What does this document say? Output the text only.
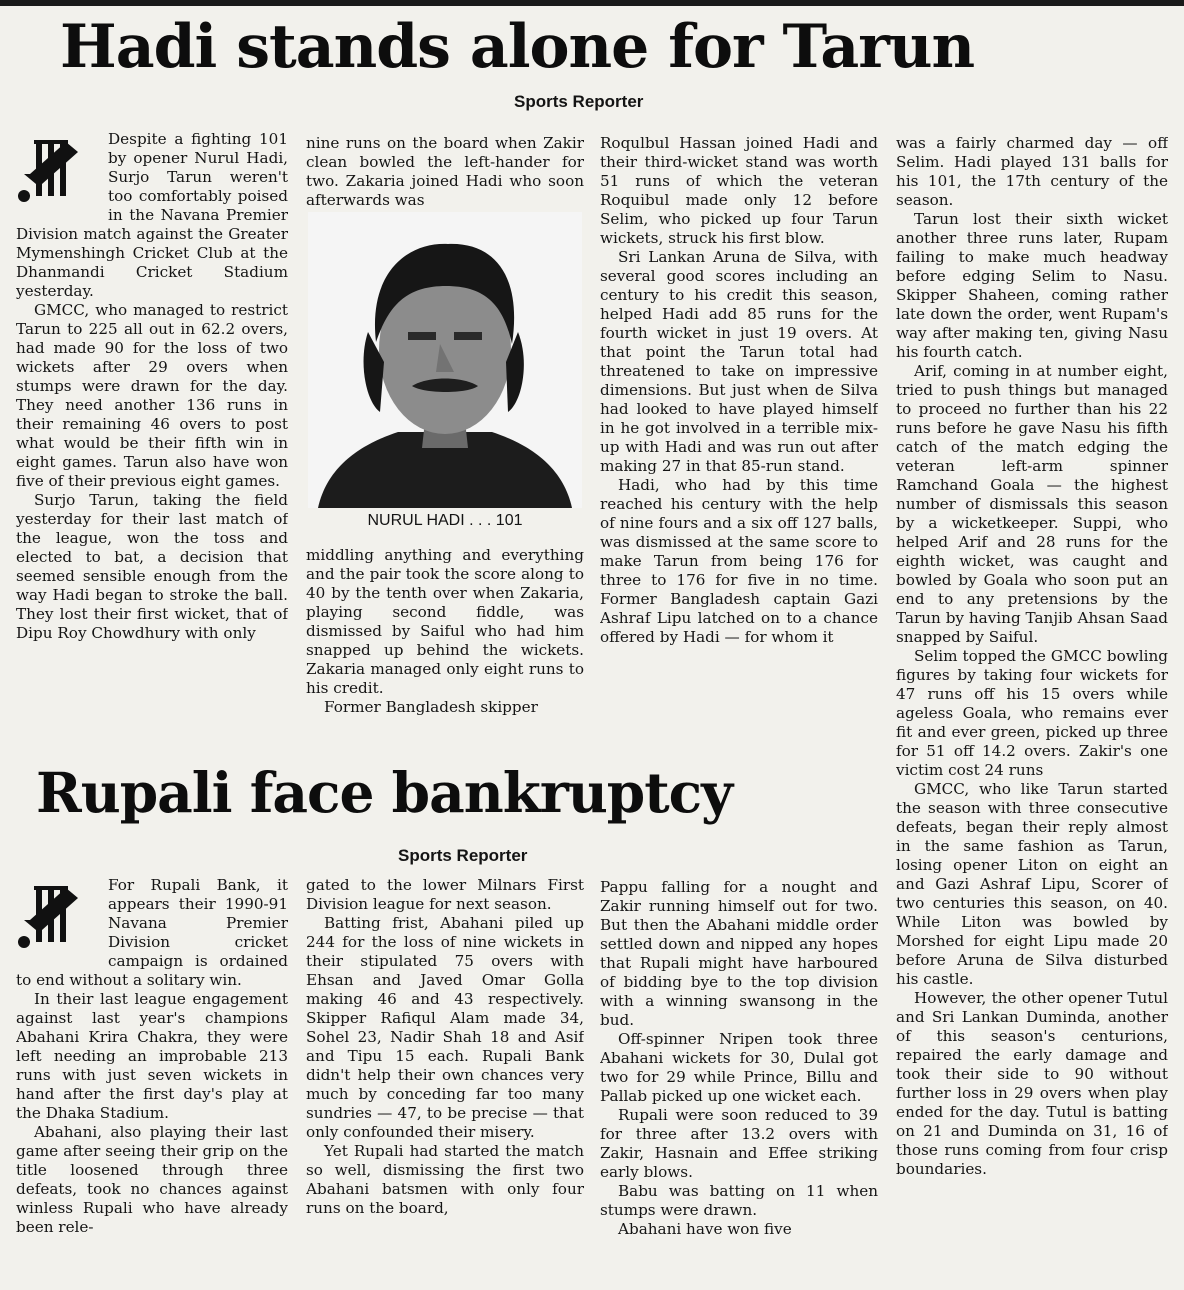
Hadi stands alone for Tarun
Sports Reporter

Despite a fighting 101 by opener Nurul Hadi, Surjo Tarun weren't too comfortably poised in the Navana Premier Division match against the Greater Mymenshingh Cricket Club at the Dhanmandi Cricket Stadium yesterday.

GMCC, who managed to restrict Tarun to 225 all out in 62.2 overs, had made 90 for the loss of two wickets after 29 overs when stumps were drawn for the day. They need another 136 runs in their remaining 46 overs to post what would be their fifth win in eight games. Tarun also have won five of their previous eight games.

Surjo Tarun, taking the field yesterday for their last match of the league, won the toss and elected to bat, a decision that seemed sensible enough from the way Hadi began to stroke the ball. They lost their first wicket, that of Dipu Roy Chowdhury with only

nine runs on the board when Zakir clean bowled the left-hander for two. Zakaria joined Hadi who soon afterwards was

NURUL HADI . . . 101

middling anything and everything and the pair took the score along to 40 by the tenth over when Zakaria, playing second fiddle, was dismissed by Saiful who had him snapped up behind the wickets. Zakaria managed only eight runs to his credit.

Former Bangladesh skipper

Roqulbul Hassan joined Hadi and their third-wicket stand was worth 51 runs of which the veteran Roquibul made only 12 before Selim, who picked up four Tarun wickets, struck his first blow.

Sri Lankan Aruna de Silva, with several good scores including an century to his credit this season, helped Hadi add 85 runs for the fourth wicket in just 19 overs. At that point the Tarun total had threatened to take on impressive dimensions. But just when de Silva had looked to have played himself in he got involved in a terrible mix-up with Hadi and was run out after making 27 in that 85-run stand.

Hadi, who had by this time reached his century with the help of nine fours and a six off 127 balls, was dismissed at the same score to make Tarun from being 176 for three to 176 for five in no time. Former Bangladesh captain Gazi Ashraf Lipu latched on to a chance offered by Hadi — for whom it

was a fairly charmed day — off Selim. Hadi played 131 balls for his 101, the 17th century of the season.

Tarun lost their sixth wicket another three runs later, Rupam failing to make much headway before edging Selim to Nasu. Skipper Shaheen, coming rather late down the order, went Rupam's way after making ten, giving Nasu his fourth catch.

Arif, coming in at number eight, tried to push things but managed to proceed no further than his 22 runs before he gave Nasu his fifth catch of the match edging the veteran left-arm spinner Ramchand Goala — the highest number of dismissals this season by a wicketkeeper. Suppi, who helped Arif and 28 runs for the eighth wicket, was caught and bowled by Goala who soon put an end to any pretensions by the Tarun by having Tanjib Ahsan Saad snapped by Saiful.

Selim topped the GMCC bowling figures by taking four wickets for 47 runs off his 15 overs while ageless Goala, who remains ever fit and ever green, picked up three for 51 off 14.2 overs. Zakir's one victim cost 24 runs

GMCC, who like Tarun started the season with three consecutive defeats, began their reply almost in the same fashion as Tarun, losing opener Liton on eight an and Gazi Ashraf Lipu, Scorer of two centuries this season, on 40. While Liton was bowled by Morshed for eight Lipu made 20 before Aruna de Silva disturbed his castle.

However, the other opener Tutul and Sri Lankan Duminda, another of this season's centurions, repaired the early damage and took their side to 90 without further loss in 29 overs when play ended for the day. Tutul is batting on 21 and Duminda on 31, 16 of those runs coming from four crisp boundaries.

Rupali face bankruptcy
Sports Reporter

For Rupali Bank, it appears their 1990-91 Navana Premier Division cricket campaign is ordained to end without a solitary win.

In their last league engagement against last year's champions Abahani Krira Chakra, they were left needing an improbable 213 runs with just seven wickets in hand after the first day's play at the Dhaka Stadium.

Abahani, also playing their last game after seeing their grip on the title loosened through three defeats, took no chances against winless Rupali who have already been rele-

gated to the lower Milnars First Division league for next season.

Batting frist, Abahani piled up 244 for the loss of nine wickets in their stipulated 75 overs with Ehsan and Javed Omar Golla making 46 and 43 respectively. Skipper Rafiqul Alam made 34, Sohel 23, Nadir Shah 18 and Asif and Tipu 15 each. Rupali Bank didn't help their own chances very much by conceding far too many sundries — 47, to be precise — that only confounded their misery.

Yet Rupali had started the match so well, dismissing the first two Abahani batsmen with only four runs on the board,

Pappu falling for a nought and Zakir running himself out for two. But then the Abahani middle order settled down and nipped any hopes that Rupali might have harboured of bidding bye to the top division with a winning swansong in the bud.

Off-spinner Nripen took three Abahani wickets for 30, Dulal got two for 29 while Prince, Billu and Pallab picked up one wicket each.

Rupali were soon reduced to 39 for three after 13.2 overs with Zakir, Hasnain and Effee striking early blows.

Babu was batting on 11 when stumps were drawn.

Abahani have won five
